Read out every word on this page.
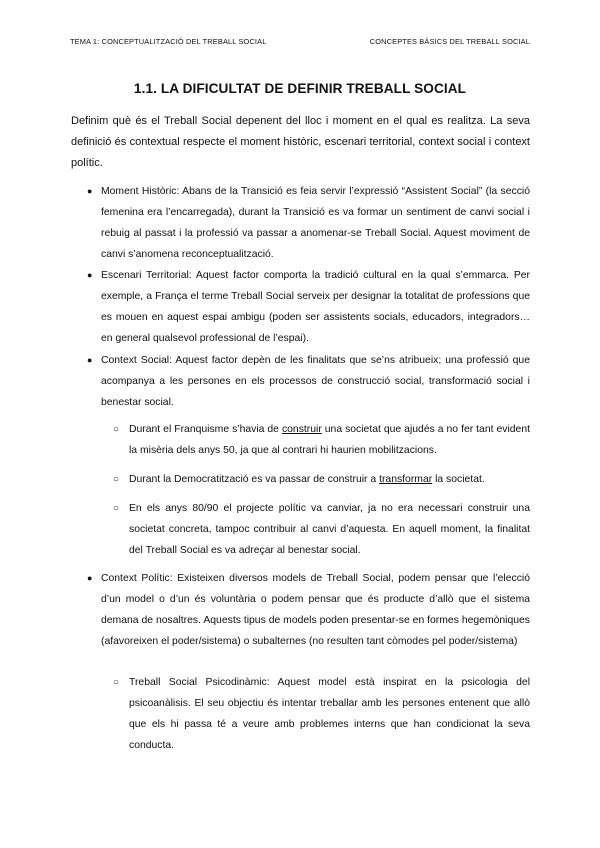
TEMA 1: CONCEPTUALITZACIÓ DEL TREBALL SOCIAL	CONCEPTES BÀSICS DEL TREBALL SOCIAL
1.1. LA DIFICULTAT DE DEFINIR TREBALL SOCIAL
Definim què és el Treball Social depenent del lloc i moment en el qual es realitza. La seva definició és contextual respecte el moment històric, escenari territorial, context social i context polític.
● Moment Històric: Abans de la Transició es feia servir l’expressió “Assistent Social” (la secció femenina era l’encarregada), durant la Transició es va formar un sentiment de canvi social i rebuig al passat i la professió va passar a anomenar-se Treball Social. Aquest moviment de canvi s’anomena reconceptualització.
● Escenari Territorial: Aquest factor comporta la tradició cultural en la qual s’emmarca. Per exemple, a França el terme Treball Social serveix per designar la totalitat de professions que es mouen en aquest espai ambigu (poden ser assistents socials, educadors, integradors… en general qualsevol professional de l’espai).
● Context Social: Aquest factor depèn de les finalitats que se’ns atribueix; una professió que acompanya a les persones en els processos de construcció social, transformació social i benestar social.
○ Durant el Franquisme s’havia de construir una societat que ajudés a no fer tant evident la misèria dels anys 50, ja que al contrari hi haurien mobilitzacions.
○ Durant la Democratització es va passar de construir a transformar la societat.
○ En els anys 80/90 el projecte polític va canviar, ja no era necessari construir una societat concreta, tampoc contribuir al canvi d’aquesta. En aquell moment, la finalitat del Treball Social es va adreçar al benestar social.
● Context Polític: Existeixen diversos models de Treball Social, podem pensar que l’elecció d’un model o d’un és voluntària o podem pensar que és producte d’allò que el sistema demana de nosaltres. Aquests tipus de models poden presentar-se en formes hegemòniques (afavoreixen el poder/sistema) o subalternes (no resulten tant còmodes pel poder/sistema)
○ Treball Social Psicodinàmic: Aquest model està inspirat en la psicologia del psicoanàlisis. El seu objectiu és intentar treballar amb les persones entenent que allò que els hi passa té a veure amb problemes interns que han condicionat la seva conducta.
